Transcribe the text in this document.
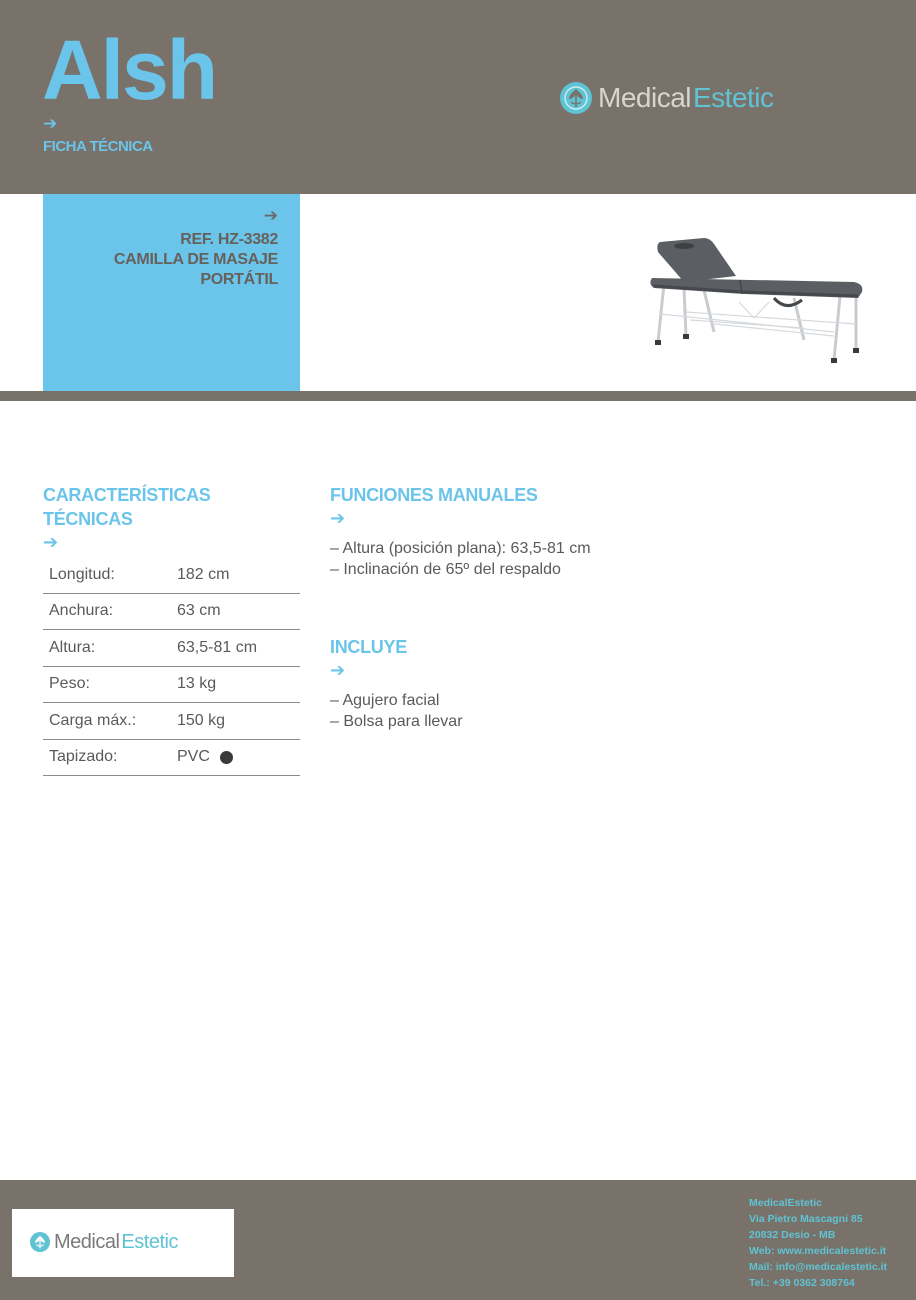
Alsh
➔
FICHA TÉCNICA
MedicalEstetic
➔
REF. HZ-3382
CAMILLA DE MASAJE
PORTÁTIL
CARACTERÍSTICAS
TÉCNICAS
➔
Longitud:	182 cm
Anchura:	63 cm
Altura:	63,5-81 cm
Peso:	13 kg
Carga máx.:	150 kg
Tapizado:	PVC
FUNCIONES MANUALES
➔
– Altura (posición plana): 63,5-81 cm
– Inclinación de 65º del respaldo
INCLUYE
➔
– Agujero facial
– Bolsa para llevar
Medical Estetic
MedicalEstetic
Via Pietro Mascagni 85
20832 Desio - MB
Web: www.medicalestetic.it
Mail: info@medicalestetic.it
Tel.: +39 0362 308764
